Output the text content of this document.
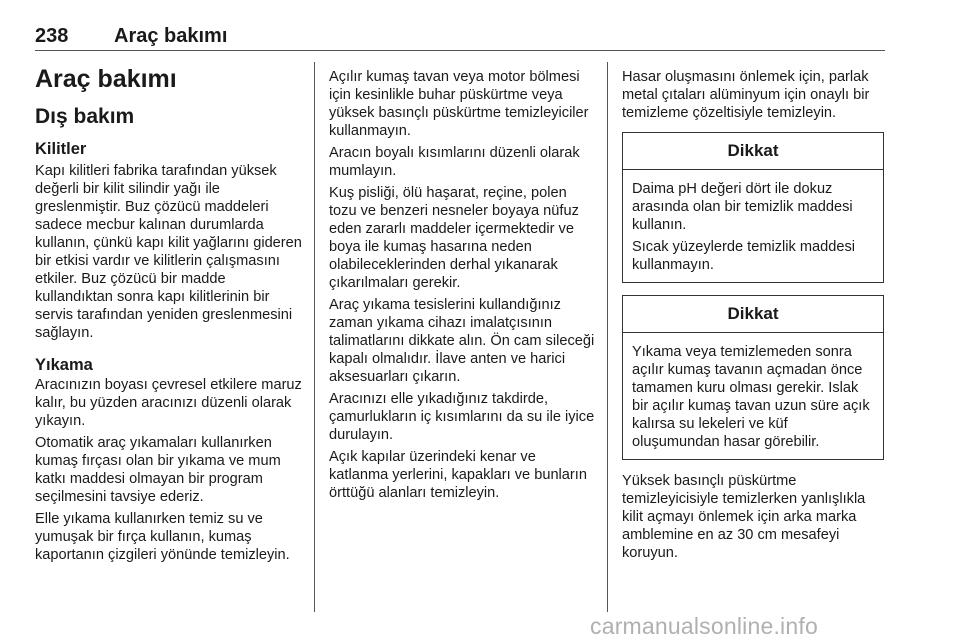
238 Araç bakımı
Araç bakımı
Dış bakım
Kilitler

Kapı kilitleri fabrika tarafından yüksek değerli bir kilit silindir yağı ile greslenmiştir. Buz çözücü maddeleri sadece mecbur kalınan durumlarda kullanın, çünkü kapı kilit yağlarını gideren bir etkisi vardır ve kilitlerin çalışmasını etkiler. Buz çözücü bir madde kullandıktan sonra kapı kilitlerinin bir servis tarafından yeniden greslenmesini sağlayın.

Yıkama

Aracınızın boyası çevresel etkilere maruz kalır, bu yüzden aracınızı düzenli olarak yıkayın.

Otomatik araç yıkamaları kullanırken kumaş fırçası olan bir yıkama ve mum katkı maddesi olmayan bir program seçilmesini tavsiye ederiz.

Elle yıkama kullanırken temiz su ve yumuşak bir fırça kullanın, kumaş kaportanın çizgileri yönünde temizleyin.

Açılır kumaş tavan veya motor bölmesi için kesinlikle buhar püskürtme veya yüksek basınçlı püskürtme temizleyiciler kullanmayın.

Aracın boyalı kısımlarını düzenli olarak mumlayın.

Kuş pisliği, ölü haşarat, reçine, polen tozu ve benzeri nesneler boyaya nüfuz eden zararlı maddeler içermektedir ve boya ile kumaş hasarına neden olabileceklerinden derhal yıkanarak çıkarılmaları gerekir.

Araç yıkama tesislerini kullandığınız zaman yıkama cihazı imalatçısının talimatlarını dikkate alın. Ön cam sileceği kapalı olmalıdır. İlave anten ve harici aksesuarları çıkarın.

Aracınızı elle yıkadığınız takdirde, çamurlukların iç kısımlarını da su ile iyice durulayın.

Açık kapılar üzerindeki kenar ve katlanma yerlerini, kapakları ve bunların örttüğü alanları temizleyin.

Hasar oluşmasını önlemek için, parlak metal çıtaları alüminyum için onaylı bir temizleme çözeltisiyle temizleyin.

Dikkat

Daima pH değeri dört ile dokuz arasında olan bir temizlik maddesi kullanın.

Sıcak yüzeylerde temizlik maddesi kullanmayın.

Dikkat

Yıkama veya temizlemeden sonra açılır kumaş tavanın açmadan önce tamamen kuru olması gerekir. Islak bir açılır kumaş tavan uzun süre açık kalırsa su lekeleri ve küf oluşumundan hasar görebilir.

Yüksek basınçlı püskürtme temizleyicisiyle temizlerken yanlışlıkla kilit açmayı önlemek için arka marka amblemine en az 30 cm mesafeyi koruyun.

carmanualsonline.info
